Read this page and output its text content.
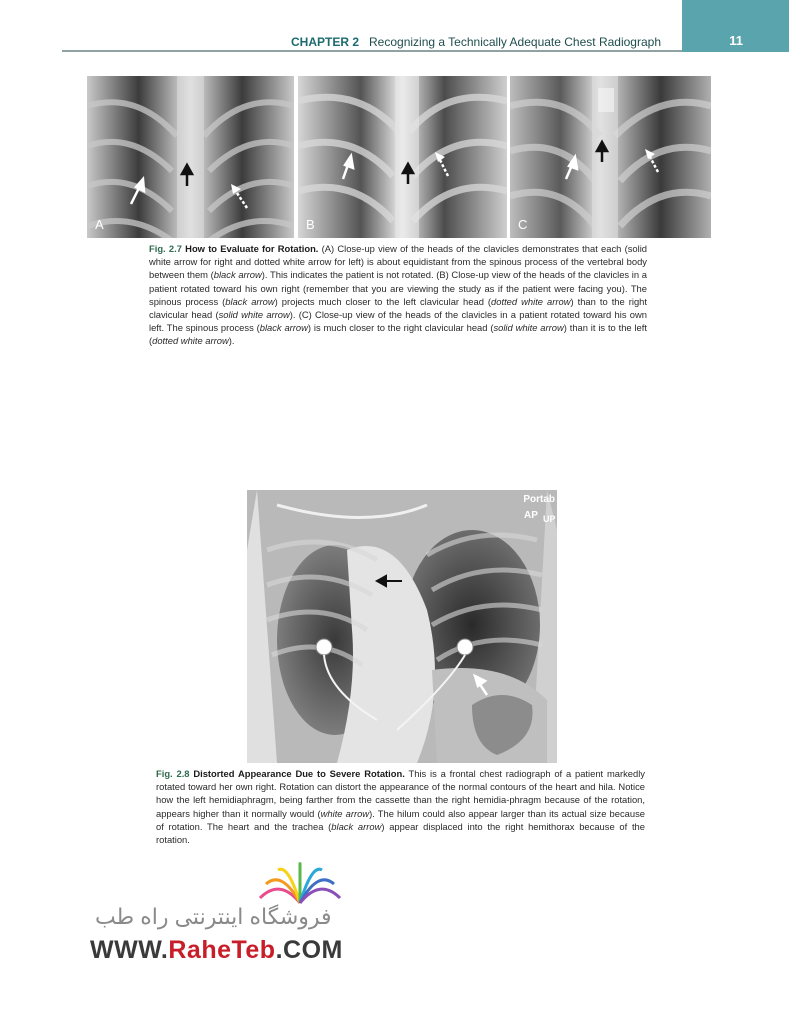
CHAPTER 2 Recognizing a Technically Adequate Chest Radiograph	11
A	B	C
Fig. 2.7 How to Evaluate for Rotation. (A) Close-up view of the heads of the clavicles demonstrates that each (solid white arrow for right and dotted white arrow for left) is about equidistant from the spinous process of the vertebral body between them (black arrow). This indicates the patient is not rotated. (B) Close-up view of the heads of the clavicles in a patient rotated toward his own right (remember that you are viewing the study as if the patient were facing you). The spinous process (black arrow) projects much closer to the left clavicular head (dotted white arrow) than to the right clavicular head (solid white arrow). (C) Close-up view of the heads of the clavicles in a patient rotated toward his own left. The spinous process (black arrow) is much closer to the right clavicular head (solid white arrow) than it is to the left (dotted white arrow).
Portab
AP UP
Fig. 2.8 Distorted Appearance Due to Severe Rotation. This is a frontal chest radiograph of a patient markedly rotated toward her own right. Rotation can distort the appearance of the normal contours of the heart and hila. Notice how the left hemidiaphragm, being farther from the cassette than the right hemidia-phragm because of the rotation, appears higher than it normally would (white arrow). The hilum could also appear larger than its actual size because of rotation. The heart and the trachea (black arrow) appear displaced into the right hemithorax because of the rotation.
فروشگاه اینترنتی راه طب
WWW.RaheTeb.COM
